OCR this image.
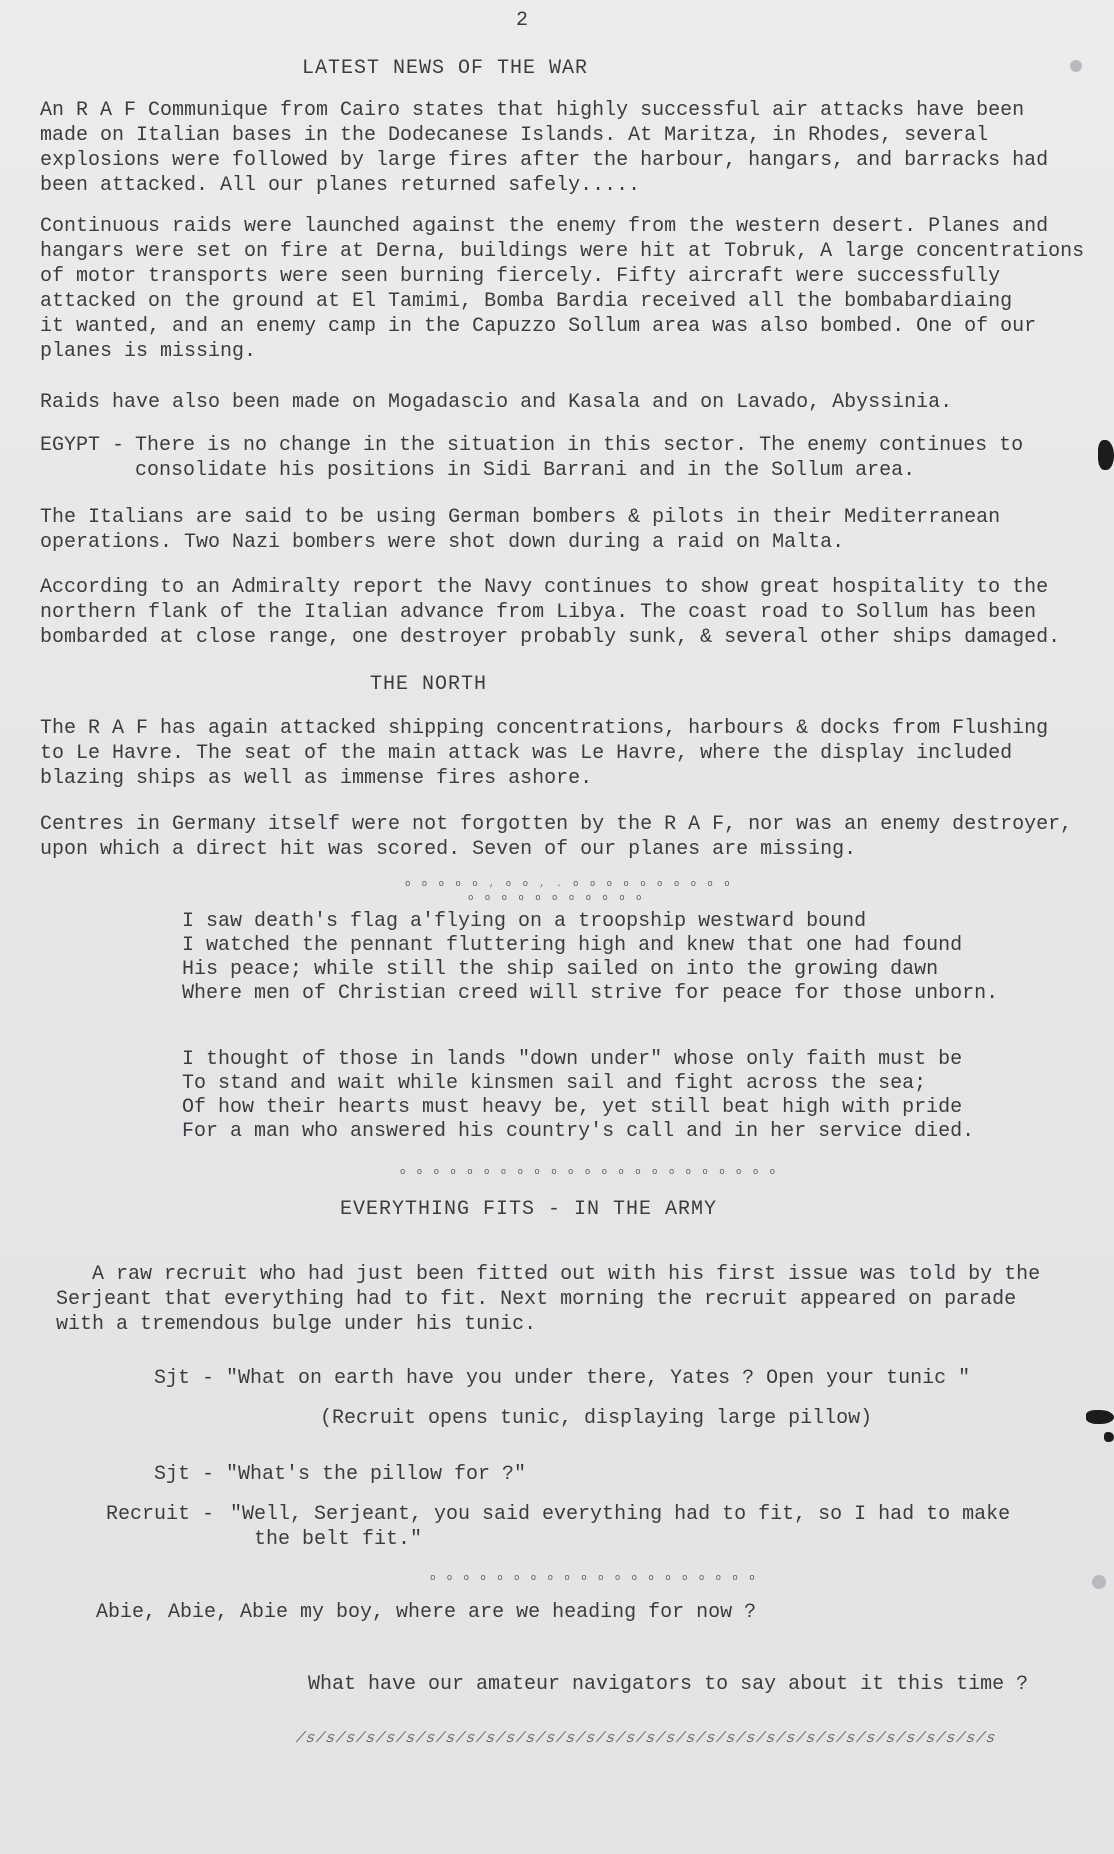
2
LATEST NEWS OF THE WAR
An R A F Communique from Cairo states that highly successful air attacks have been
made on Italian bases in the Dodecanese Islands. At Maritza, in Rhodes, several
explosions were followed by large fires after the harbour, hangars, and barracks had
been attacked. All our planes returned safely.....
Continuous raids were launched against the enemy from the western desert. Planes and
hangars were set on fire at Derna, buildings were hit at Tobruk, A large concentrations
of motor transports were seen burning fiercely. Fifty aircraft were successfully
attacked on the ground at El Tamimi, Bomba Bardia received all the bombabardiaing
it wanted, and an enemy camp in the Capuzzo Sollum area was also bombed. One of our
planes is missing.
Raids have also been made on Mogadascio and Kasala and on Lavado, Abyssinia.
EGYPT - There is no change in the situation in this sector. The enemy continues to
consolidate his positions in Sidi Barrani and in the Sollum area.
The Italians are said to be using German bombers & pilots in their Mediterranean
operations. Two Nazi bombers were shot down during a raid on Malta.
According to an Admiralty report the Navy continues to show great hospitality to the
northern flank of the Italian advance from Libya. The coast road to Sollum has been
bombarded at close range, one destroyer probably sunk, & several other ships damaged.
THE NORTH
The R A F has again attacked shipping concentrations, harbours & docks from Flushing
to Le Havre. The seat of the main attack was Le Havre, where the display included
blazing ships as well as immense fires ashore.
Centres in Germany itself were not forgotten by the R A F, nor was an enemy destroyer,
upon which a direct hit was scored. Seven of our planes are missing.
o o o o o , o o , . o o o o o o o o o o
o o o o o o o o o o o
I saw death's flag a'flying on a troopship westward bound
I watched the pennant fluttering high and knew that one had found
His peace; while still the ship sailed on into the growing dawn
Where men of Christian creed will strive for peace for those unborn.
I thought of those in lands "down under" whose only faith must be
To stand and wait while kinsmen sail and fight across the sea;
Of how their hearts must heavy be, yet still beat high with pride
For a man who answered his country's call and in her service died.
o o o o o o o o o o o o o o o o o o o o o o o
EVERYTHING FITS - IN THE ARMY
A raw recruit who had just been fitted out with his first issue was told by the
Serjeant that everything had to fit. Next morning the recruit appeared on parade
with a tremendous bulge under his tunic.
Sjt - "What on earth have you under there, Yates ? Open your tunic "
(Recruit opens tunic, displaying large pillow)
Sjt - "What's the pillow for ?"
Recruit - "Well, Serjeant, you said everything had to fit, so I had to make
the belt fit."
o o o o o o o o o o o o o o o o o o o o
Abie, Abie, Abie my boy, where are we heading for now ?
What have our amateur navigators to say about it this time ?
/s/s/s/s/s/s/s/s/s/s/s/s/s/s/s/s/s/s/s/s/s/s/s/s/s/s/s/s/s/s/s/s/s/s/s
